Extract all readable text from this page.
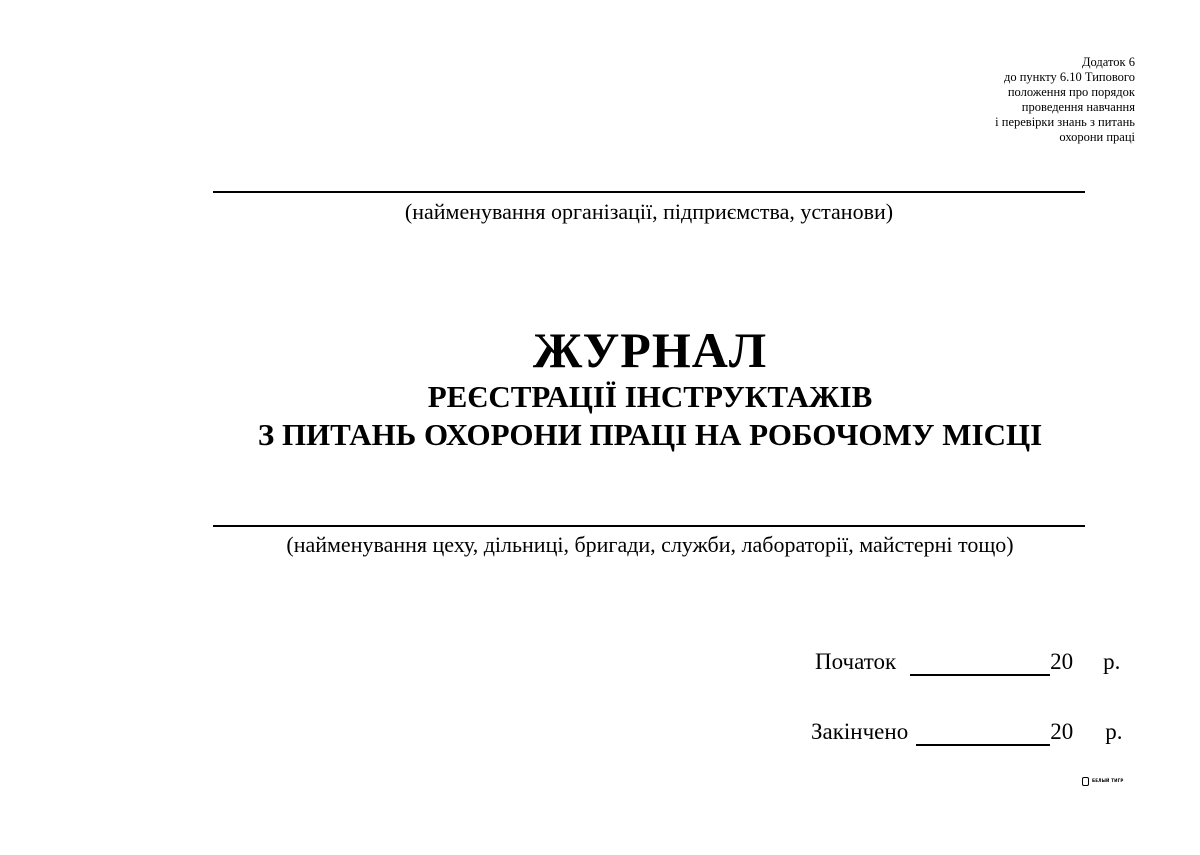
Додаток 6
до пункту 6.10 Типового
положення про порядок
проведення навчання
і перевірки знань з питань
охорони праці
(найменування організації, підприємства, установи)
ЖУРНАЛ
РЕЄСТРАЦІЇ ІНСТРУКТАЖІВ
З ПИТАНЬ ОХОРОНИ ПРАЦІ НА РОБОЧОМУ МІСЦІ
(найменування цеху, дільниці, бригади, служби, лабораторії, майстерні тощо)
Початок	20 р.
Закінчено	20 р.
БЕЛЫЙ ТИГР
